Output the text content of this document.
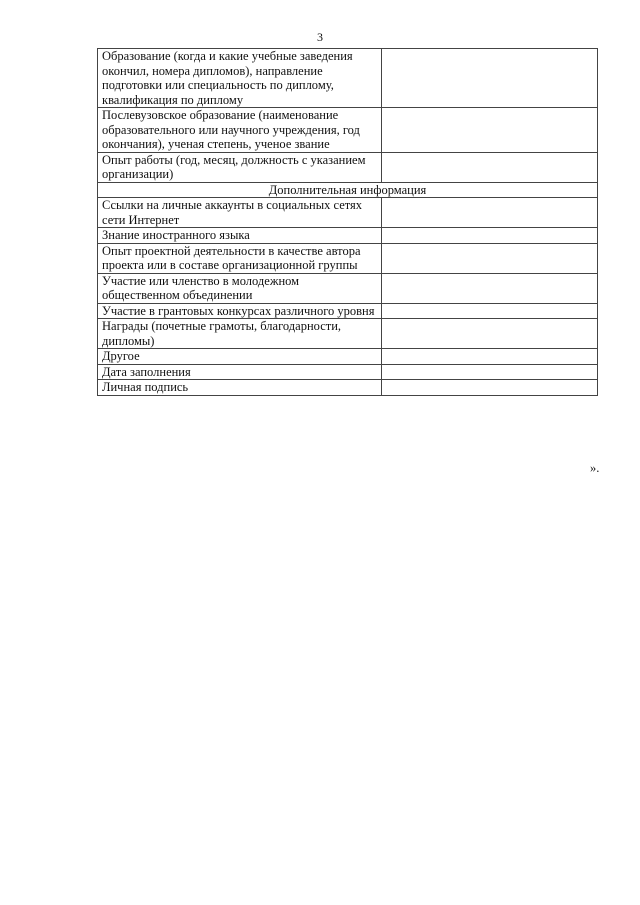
3
Образование (когда и какие учебные заведения окончил, номера дипломов), направление подготовки или специальность по диплому, квалификация по диплому	
Послевузовское образование (наименование образовательного или научного учреждения, год окончания), ученая степень, ученое звание	
Опыт работы (год, месяц, должность с указанием организации)	
Дополнительная информация	
Ссылки на личные аккаунты в социальных сетях сети Интернет	
Знание иностранного языка	
Опыт проектной деятельности в качестве автора проекта или в составе организационной группы	
Участие или членство в молодежном общественном объединении	
Участие в грантовых конкурсах различного уровня	
Награды (почетные грамоты, благодарности, дипломы)	
Другое	
Дата заполнения	
Личная подпись	
».
